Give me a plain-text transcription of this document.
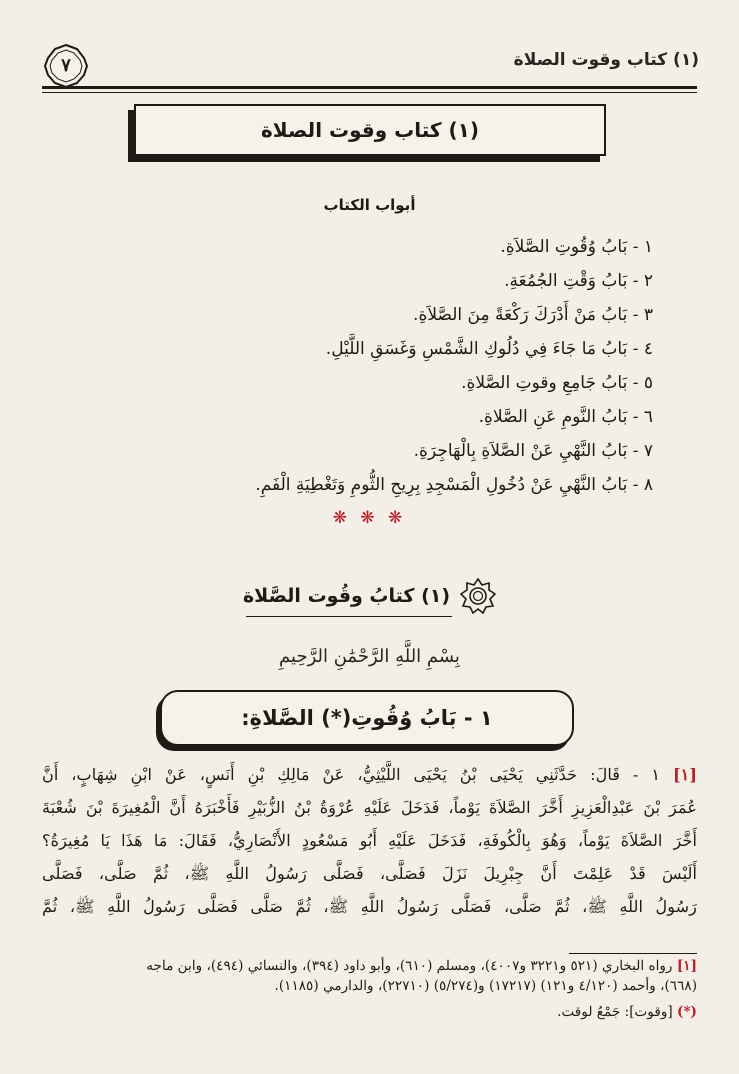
(١) كتاب وقوت الصلاة
٧
(١) كتاب وقوت الصلاة
أبواب الكتاب
١ - بَابُ وُقُوتِ الصَّلاَةِ.
٢ - بَابُ وَقْتِ الجُمُعَةِ.
٣ - بَابُ مَنْ أَدْرَكَ رَكْعَةً مِنَ الصَّلاَةِ.
٤ - بَابُ مَا جَاءَ فِي دُلُوكِ الشَّمْسِ وَغَسَقِ اللَّيْلِ.
٥ - بَابُ جَامِعِ وقوتِ الصَّلاةِ.
٦ - بَابُ النَّومِ عَنِ الصَّلاةِ.
٧ - بَابُ النَّهْيِ عَنْ الصَّلاَةِ بِالْهَاجِرَةِ.
٨ - بَابُ النَّهْيِ عَنْ دُخُولِ الْمَسْجِدِ بِرِيحِ الثُّومِ وَتَغْطِيَةِ الْفَمِ.
❋ ❋ ❋
(١) كتابُ وقُوت الصَّلاة
بِسْمِ اللَّهِ الرَّحْمَٰنِ الرَّحِيمِ
١ - بَابُ وُقُوتِ(*) الصَّلاةِ:
[١] ١ - قَالَ: حَدَّثَنِي يَحْيَى بْنُ يَحْيَى اللَّيْثِيُّ، عَنْ مَالِكِ بْنِ أَنَسٍ، عَنْ ابْنِ شِهَابٍ، أَنَّ
عُمَرَ بْنَ عَبْدِالْعَزِيزِ أَخَّرَ الصَّلاَةَ يَوْماً، فَدَخَلَ عَلَيْهِ عُرْوَةُ بْنُ الزُّبَيْرِ فَأَخْبَرَهُ أَنَّ الْمُغِيرَةَ بْنَ شُعْبَةَ
أَخَّرَ الصَّلاَةَ يَوْماً، وَهُوَ بِالْكُوفَةِ، فَدَخَلَ عَلَيْهِ أَبُو مَسْعُودٍ الأَنْصَارِيُّ، فَقَالَ: مَا هَذَا يَا مُغِيرَةُ؟
أَلَيْسَ قَدْ عَلِمْتَ أَنَّ جِبْرِيلَ نَزَلَ فَصَلَّى، فَصَلَّى رَسُولُ اللَّهِ ﷺ، ثُمَّ صَلَّى، فَصَلَّى
رَسُولُ اللَّهِ ﷺ، ثُمَّ صَلَّى، فَصَلَّى رَسُولُ اللَّهِ ﷺ، ثُمَّ صَلَّى فَصَلَّى رَسُولُ اللَّهِ ﷺ، ثُمَّ
[١] رواه البخاري (٥٢١ و٣٢٢١ و٤٠٠٧)، ومسلم (٦١٠)، وأبو داود (٣٩٤)، والنسائي (٤٩٤)، وابن ماجه
(٦٦٨)، وأحمد (٤/١٢٠ و١٢١) (١٧٢١٧) و(٥/٢٧٤) (٢٢٧١٠)، والدارمي (١١٨٥).
(*) [وقوت]: جَمْعُ لوقت.
